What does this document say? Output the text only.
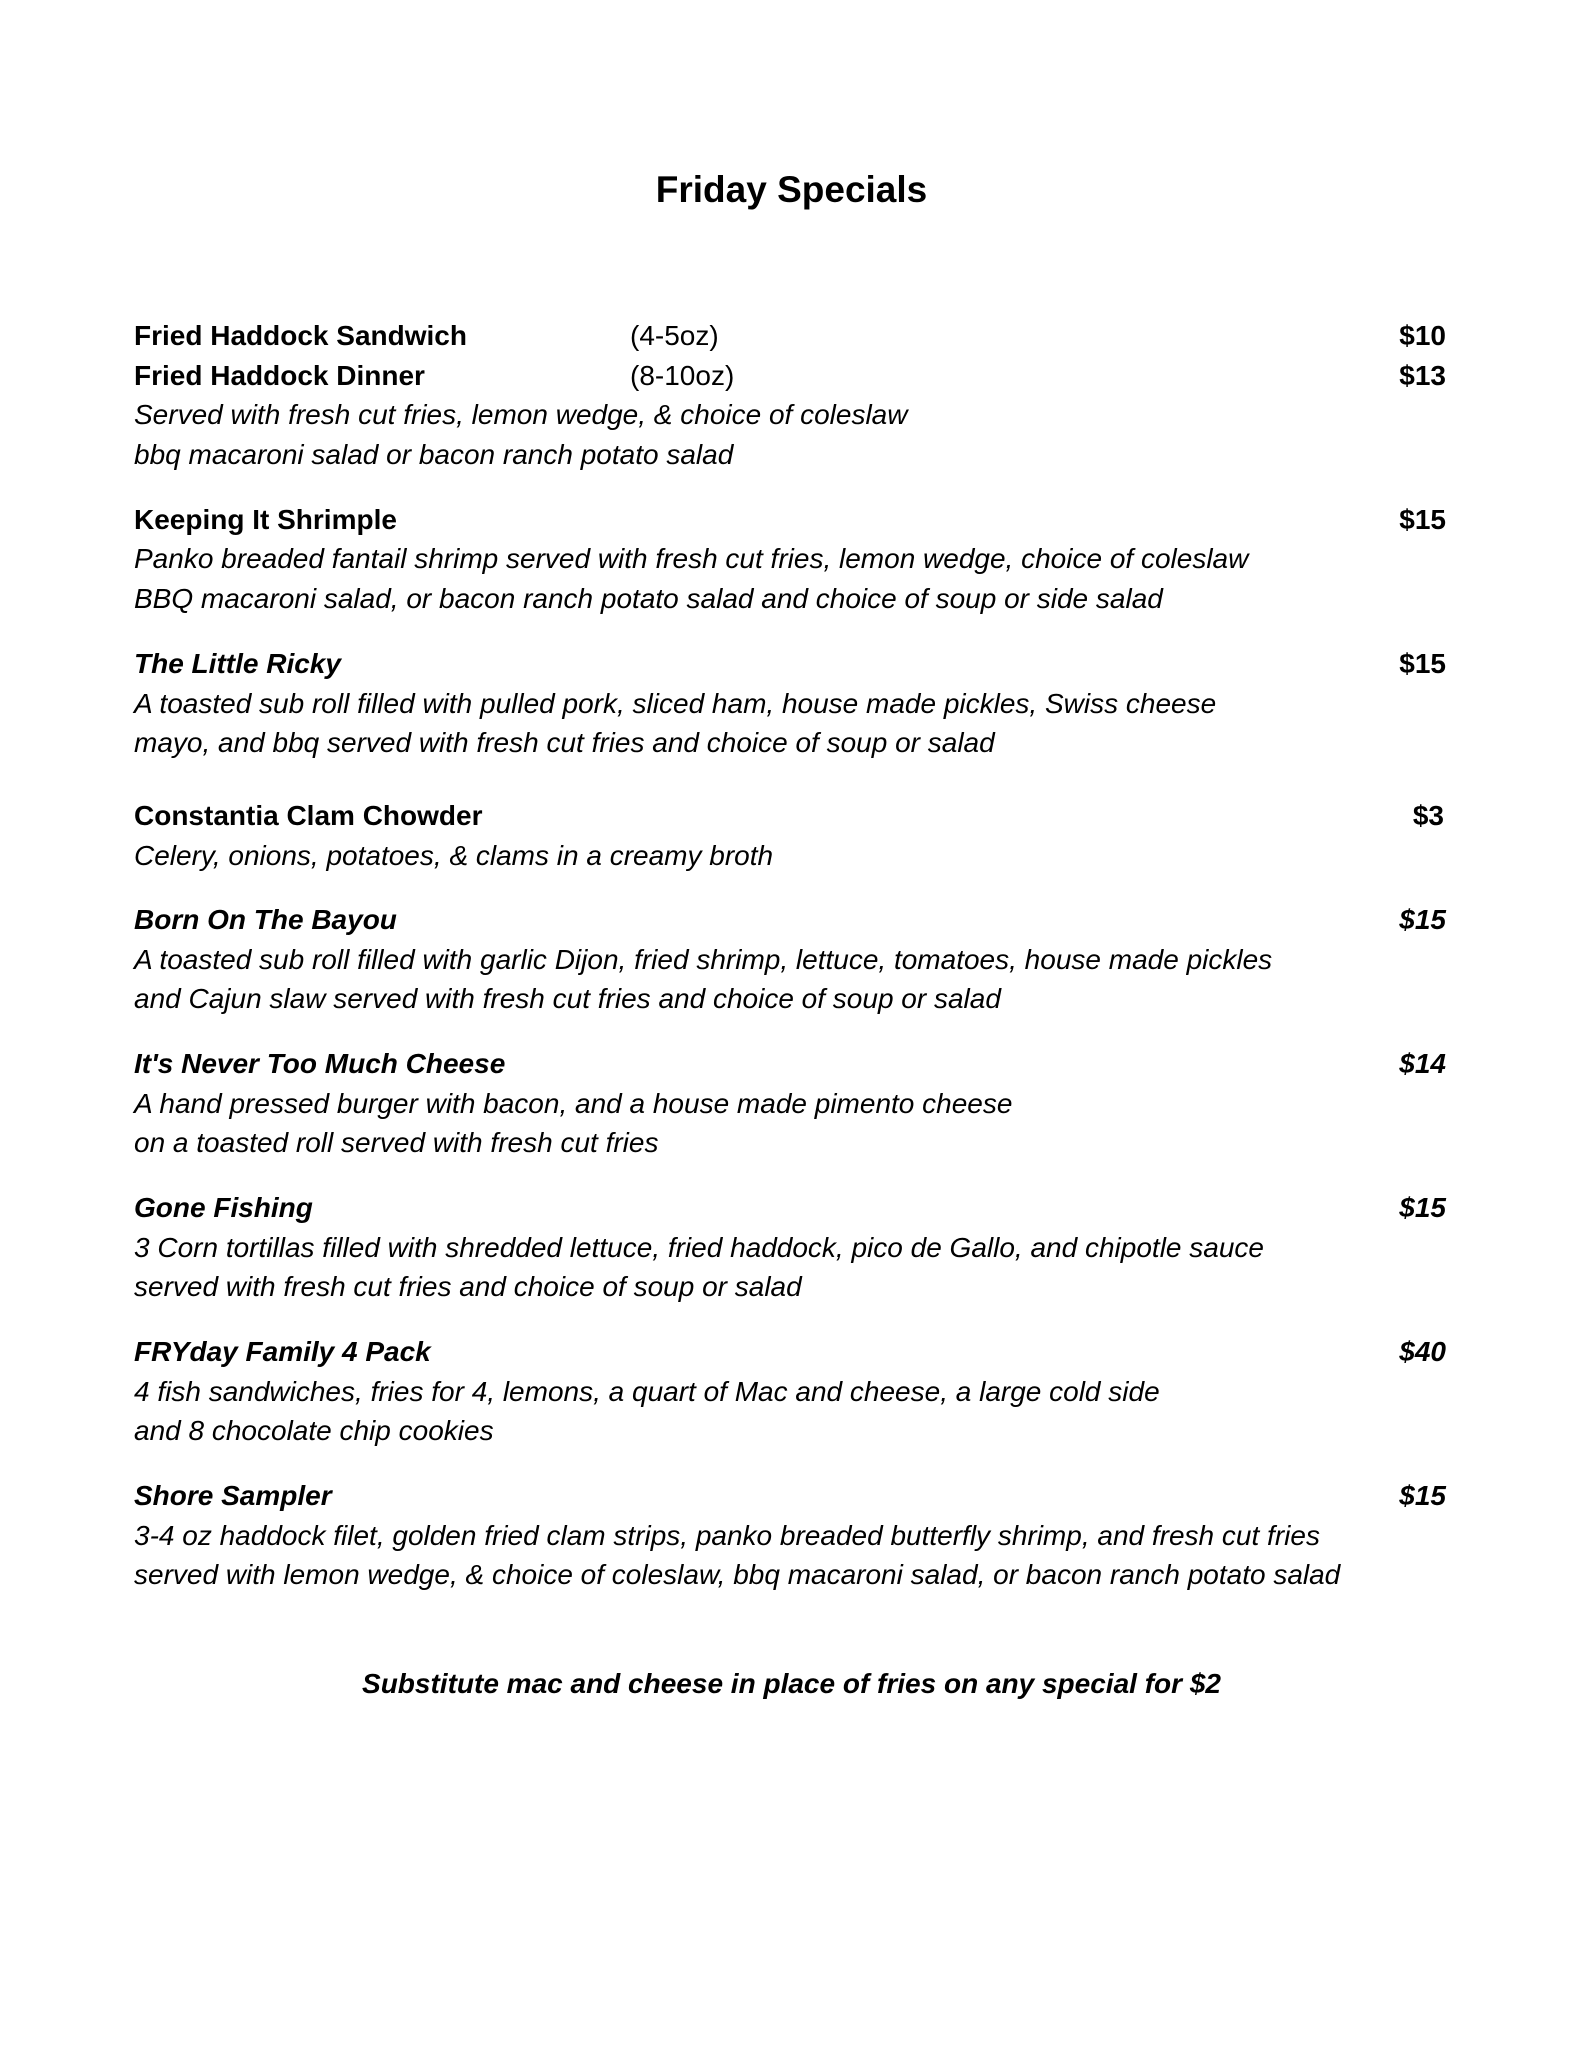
Friday Specials
Fried Haddock Sandwich	(4-5oz)	$10
Fried Haddock Dinner	(8-10oz)	$13
Served with fresh cut fries, lemon wedge, & choice of coleslaw
bbq macaroni salad or bacon ranch potato salad
Keeping It Shrimple	$15
Panko breaded fantail shrimp served with fresh cut fries, lemon wedge, choice of coleslaw
BBQ macaroni salad, or bacon ranch potato salad and choice of soup or side salad
The Little Ricky	$15
A toasted sub roll filled with pulled pork, sliced ham, house made pickles, Swiss cheese
mayo, and bbq served with fresh cut fries and choice of soup or salad
Constantia Clam Chowder	$3
Celery, onions, potatoes, & clams in a creamy broth
Born On The Bayou	$15
A toasted sub roll filled with garlic Dijon, fried shrimp, lettuce, tomatoes, house made pickles
and Cajun slaw served with fresh cut fries and choice of soup or salad
It's Never Too Much Cheese	$14
A hand pressed burger with bacon, and a house made pimento cheese
on a toasted roll served with fresh cut fries
Gone Fishing	$15
3 Corn tortillas filled with shredded lettuce, fried haddock, pico de Gallo, and chipotle sauce
served with fresh cut fries and choice of soup or salad
FRYday Family 4 Pack	$40
4 fish sandwiches, fries for 4, lemons, a quart of Mac and cheese, a large cold side
and 8 chocolate chip cookies
Shore Sampler	$15
3-4 oz haddock filet, golden fried clam strips, panko breaded butterfly shrimp, and fresh cut fries
served with lemon wedge, & choice of coleslaw, bbq macaroni salad, or bacon ranch potato salad
Substitute mac and cheese in place of fries on any special for $2
